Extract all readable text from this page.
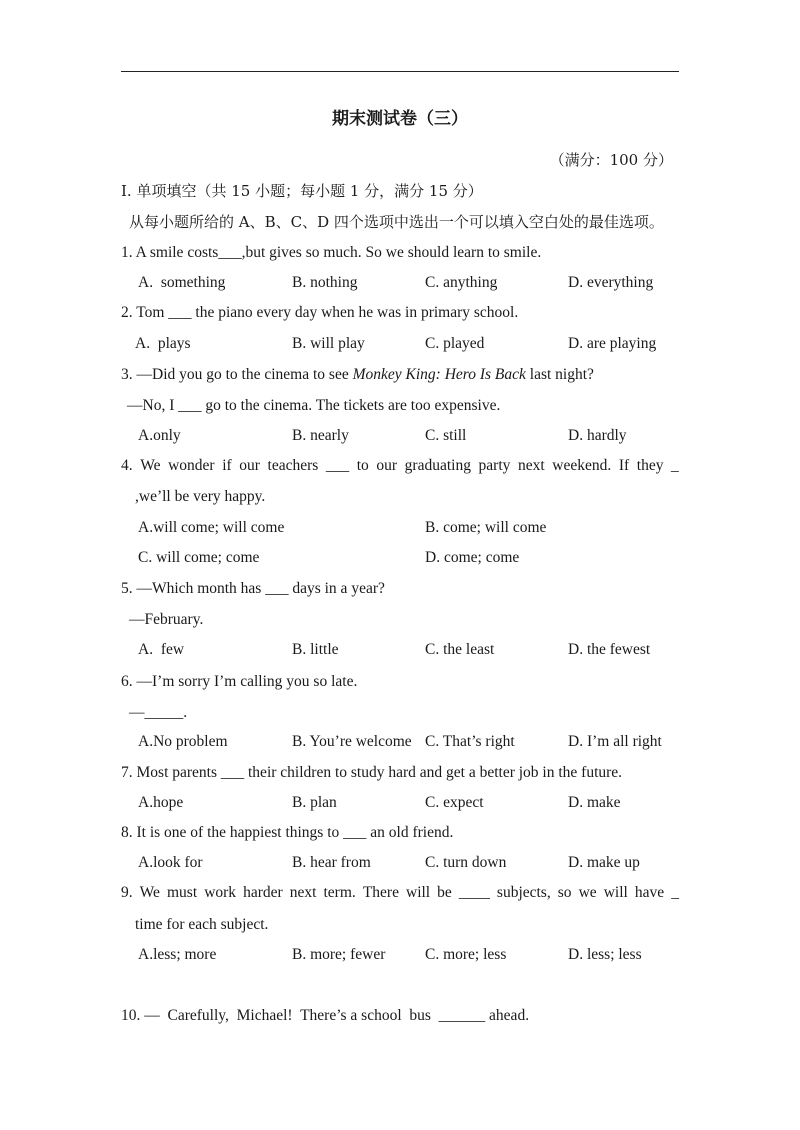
期末测试卷（三）
（满分：100 分）
Ⅰ. 单项填空（共 15 小题；每小题 1 分，满分 15 分）
从每小题所给的 A、B、C、D 四个选项中选出一个可以填入空白处的最佳选项。
1. A smile costs___,but gives so much. So we should learn to smile.
A.  something	B. nothing	C. anything	D. everything
2. Tom ___ the piano every day when he was in primary school.
A.  plays	B. will play	C. played	D. are playing
3. —Did you go to the cinema to see Monkey King: Hero Is Back last night?
—No, I ___ go to the cinema. The tickets are too expensive.
A.only	B. nearly	C. still	D. hardly
4. We wonder if our teachers ___ to our graduating party next weekend. If they _
,we’ll be very happy.
A.will come; will come	B. come; will come
C. will come; come	D. come; come
5. —Which month has ___ days in a year?
—February.
A.  few	B. little	C. the least	D. the fewest
6. —I’m sorry I’m calling you so late.
—_____.
A.No problem	B. You’re welcome C. That’s right	D. I’m all right
7. Most parents ___ their children to study hard and get a better job in the future.
A.hope	B. plan	C. expect	D. make
8. It is one of the happiest things to ___ an old friend.
A.look for	B. hear from	C. turn down	D. make up
9. We must work harder next term. There will be ____ subjects, so we will have _
time for each subject.
A.less; more	B. more; fewer	C. more; less	D. less; less
10. —  Carefully,  Michael!  There’s a school  bus  ______ ahead.
